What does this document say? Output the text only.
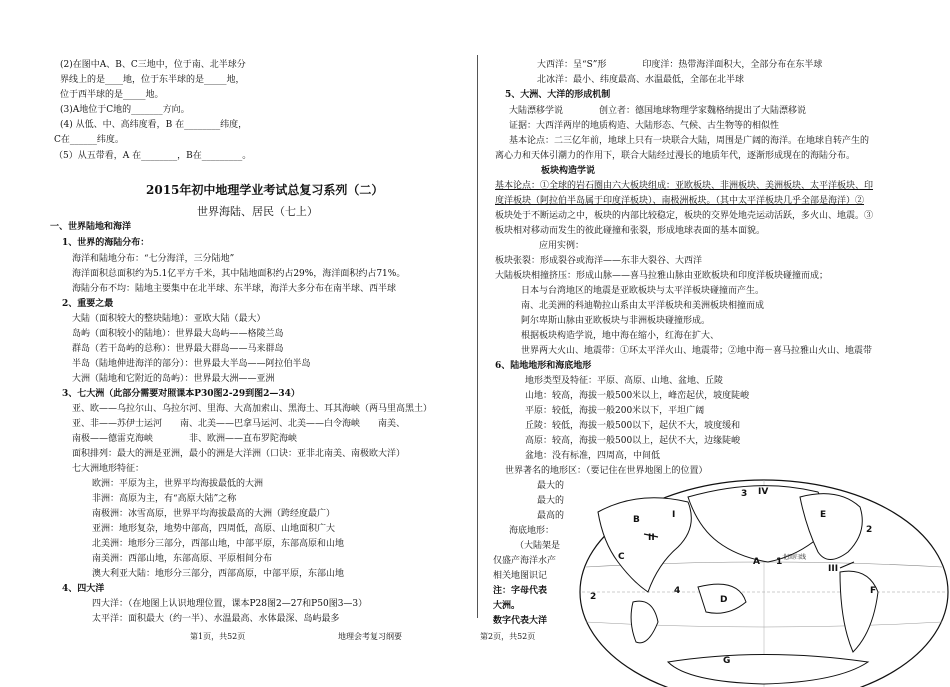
(2)在图中A、B、C三地中，位于南、北半球分
界线上的是____地，位于东半球的是_____地，
位于西半球的是_____地。
(3)A地位于C地的_______方向。
(4) 从低、中、高纬度看，B 在________纬度，
C在______纬度。
（5）从五带看，A 在________，B在_________。
2015年初中地理学业考试总复习系列（二）
世界海陆、居民（七上）
一、世界陆地和海洋
1、世界的海陆分布：
海洋和陆地分布：“七分海洋，三分陆地”
海洋面积总面积约为5.1亿平方千米，其中陆地面积约占29%，海洋面积约占71%。
海陆分布不均：陆地主要集中在北半球、东半球，海洋大多分布在南半球、西半球
2、重要之最
大陆（面积较大的整块陆地）：亚欧大陆（最大）
岛屿（面积较小的陆地）：世界最大岛屿——格陵兰岛
群岛（若干岛屿的总称）：世界最大群岛——马来群岛
半岛（陆地伸进海洋的部分）：世界最大半岛——阿拉伯半岛
大洲（陆地和它附近的岛屿）：世界最大洲——亚洲
3、七大洲（此部分需要对照课本P30图2-29到图2—34）
亚、欧——乌拉尔山、乌拉尔河、里海、大高加索山、黑海土、耳其海峡（两马里高黑土）
亚、非——苏伊士运河　　南、北美——巴拿马运河、北美——白令海峡　　南美、
南极——德雷克海峡　　　　非、欧洲——直布罗陀海峡
面积排列：最大的洲是亚洲，最小的洲是大洋洲（口诀：亚非北南美、南极欧大洋）
七大洲地形特征：
欧洲：平原为主，世界平均海拔最低的大洲
非洲：高原为主，有“高原大陆”之称
南极洲：冰雪高原，世界平均海拔最高的大洲（跨经度最广）
亚洲：地形复杂，地势中部高，四周低，高原、山地面积广大
北美洲：地形分三部分，西部山地，中部平原，东部高原和山地
南美洲：西部山地，东部高原、平原相间分布
澳大利亚大陆：地形分三部分，西部高原，中部平原，东部山地
4、四大洋
四大洋：（在地图上认识地理位置，课本P28图2—27和P50图3—3）
太平洋：面积最大（约一半）、水温最高、水体最深、岛屿最多
大西洋：呈“S”形　　　　印度洋：热带海洋面积大，全部分布在东半球
北冰洋：最小、纬度最高、水温最低，全部在北半球
5、大洲、大洋的形成机制
大陆漂移学说　　　　创立者：德国地球物理学家魏格纳提出了大陆漂移说
证据：大西洋两岸的地质构造、大陆形态、气候、古生物等的相似性
基本论点：二三亿年前，地球上只有一块联合大陆，周围是广阔的海洋。在地球自转产生的
离心力和天体引潮力的作用下，联合大陆经过漫长的地质年代，逐渐形成现在的海陆分布。
板块构造学说
基本论点：①全球的岩石圈由六大板块组成：亚欧板块、非洲板块、美洲板块、太平洋板块、印
度洋板块（阿拉伯半岛属于印度洋板块）、南极洲板块。（其中太平洋板块几乎全部是海洋）②
板块处于不断运动之中，板块的内部比较稳定，板块的交界处地壳运动活跃，多火山、地震。③
板块相对移动而发生的彼此碰撞和张裂，形成地球表面的基本面貌。
应用实例：
板块张裂：形成裂谷或海洋——东非大裂谷、大西洋
大陆板块相撞挤压：形成山脉——喜马拉雅山脉由亚欧板块和印度洋板块碰撞而成；
日本与台湾地区的地震是亚欧板块与太平洋板块碰撞而产生。
南、北美洲的科迪勒拉山系由太平洋板块和美洲板块相撞而成
阿尔卑斯山脉由亚欧板块与非洲板块碰撞形成。
根据板块构造学说，地中海在缩小，红海在扩大、
世界两大火山、地震带：①环太平洋火山、地震带；②地中海－喜马拉雅山火山、地震带
6、陆地地形和海底地形
地形类型及特征：平原、高原、山地、盆地、丘陵
山地：较高，海拔一般500米以上，峰峦起伏，坡度陡峻
平原：较低，海拔一般200米以下，平坦广阔
丘陵：较低，海拔一般500以下，起伏不大，坡度缓和
高原：较高，海拔一般500以上，起伏不大，边缘陡峻
盆地：没有标准，四周高，中间低
世界著名的地形区：（要记住在世界地图上的位置）
最大的
最大的
最高的
海底地形：
（大陆架是
仅盛产海洋水产
相关地图识记
注：字母代表
大洲。
数字代表大洋
B
C	A
D
E
F
G
1
2
2
3
4
I
II
III
IV
北回归线
第1页，共52页	地理会考复习纲要	第2页，共52页
